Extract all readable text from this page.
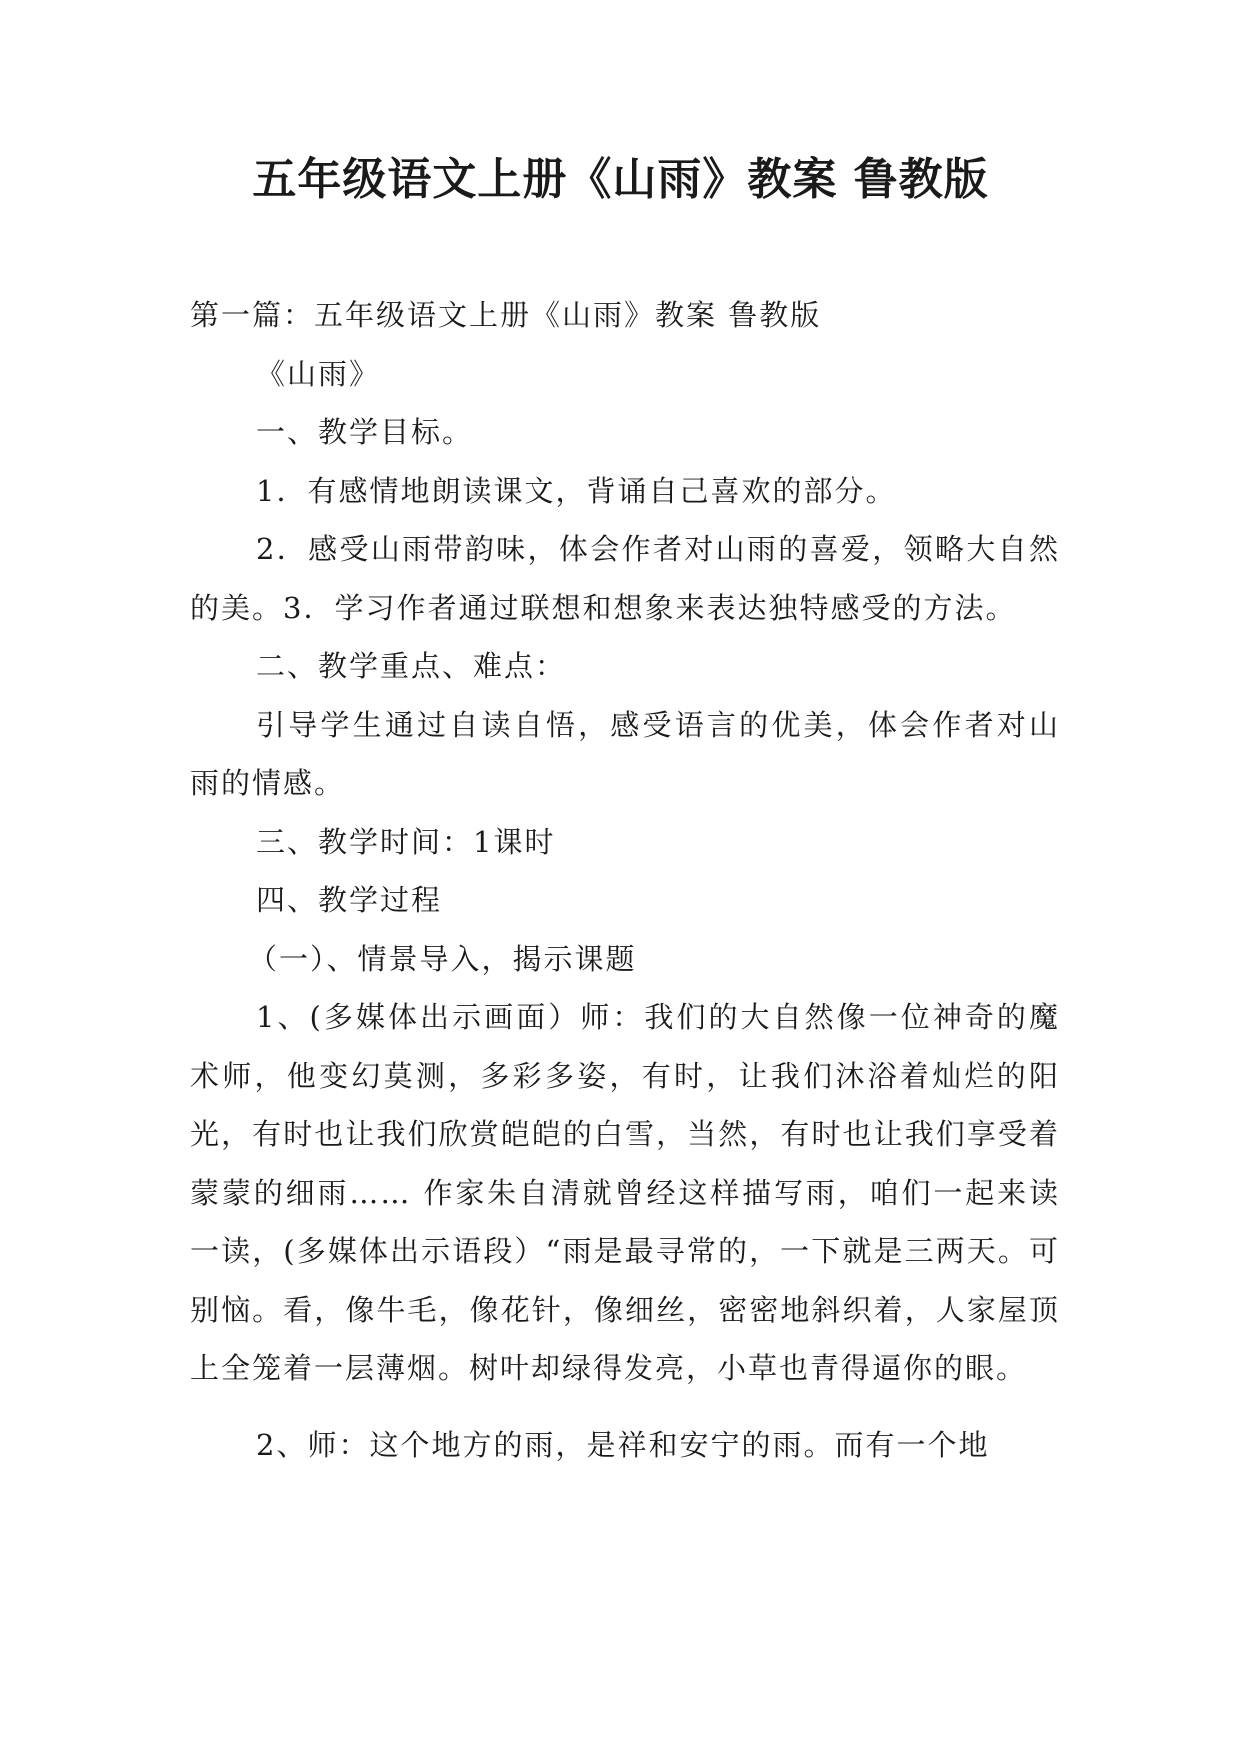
五年级语文上册《山雨》教案 鲁教版

第一篇：五年级语文上册《山雨》教案 鲁教版

《山雨》

一、教学目标。

1．有感情地朗读课文，背诵自己喜欢的部分。

2．感受山雨带韵味，体会作者对山雨的喜爱，领略大自然的美。3．学习作者通过联想和想象来表达独特感受的方法。

二、教学重点、难点：

引导学生通过自读自悟，感受语言的优美，体会作者对山雨的情感。

三、教学时间：1课时

四、教学过程

（一）、情景导入，揭示课题

1、(多媒体出示画面）师：我们的大自然像一位神奇的魔术师，他变幻莫测，多彩多姿，有时，让我们沐浴着灿烂的阳光，有时也让我们欣赏皑皑的白雪，当然，有时也让我们享受着蒙蒙的细雨…… 作家朱自清就曾经这样描写雨，咱们一起来读一读，(多媒体出示语段）“雨是最寻常的，一下就是三两天。可别恼。看，像牛毛，像花针，像细丝，密密地斜织着，人家屋顶上全笼着一层薄烟。树叶却绿得发亮，小草也青得逼你的眼。

2、师：这个地方的雨，是祥和安宁的雨。而有一个地
